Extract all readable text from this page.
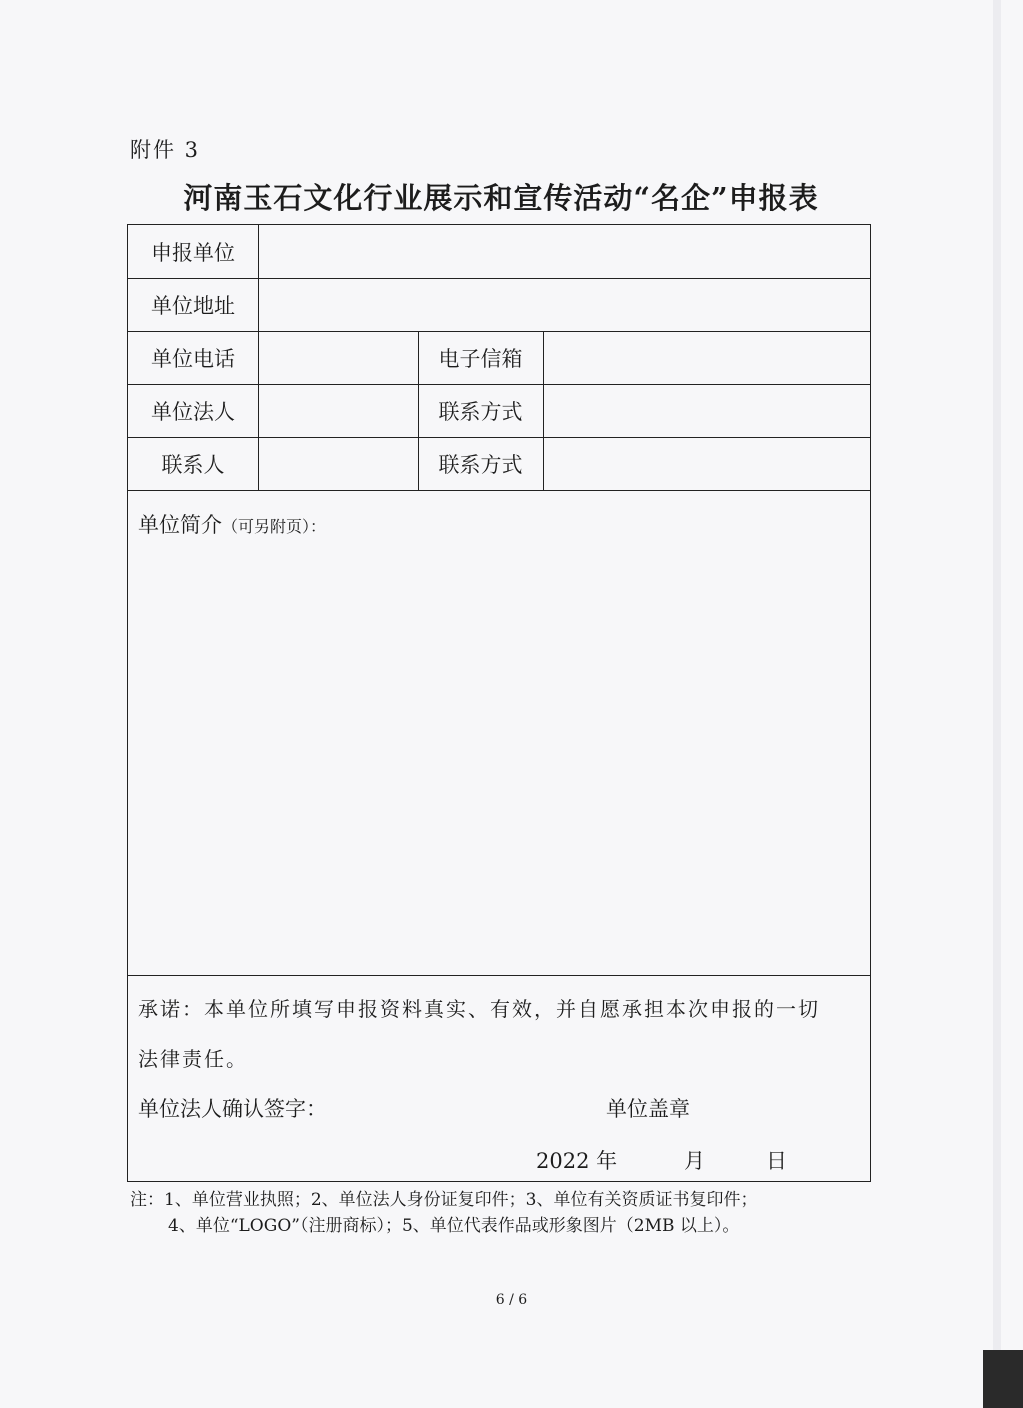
附件 3
河南玉石文化行业展示和宣传活动“名企”申报表
申报单位
单位地址
单位电话	电子信箱
单位法人	联系方式
联系人	联系方式
单位简介（可另附页）：
承诺：本单位所填写申报资料真实、有效，并自愿承担本次申报的一切
法律责任。
单位法人确认签字：	单位盖章
2022 年	月	日
注：1、单位营业执照；2、单位法人身份证复印件；3、单位有关资质证书复印件；
4、单位“LOGO”（注册商标）；5、单位代表作品或形象图片（2MB 以上）。
6 / 6
